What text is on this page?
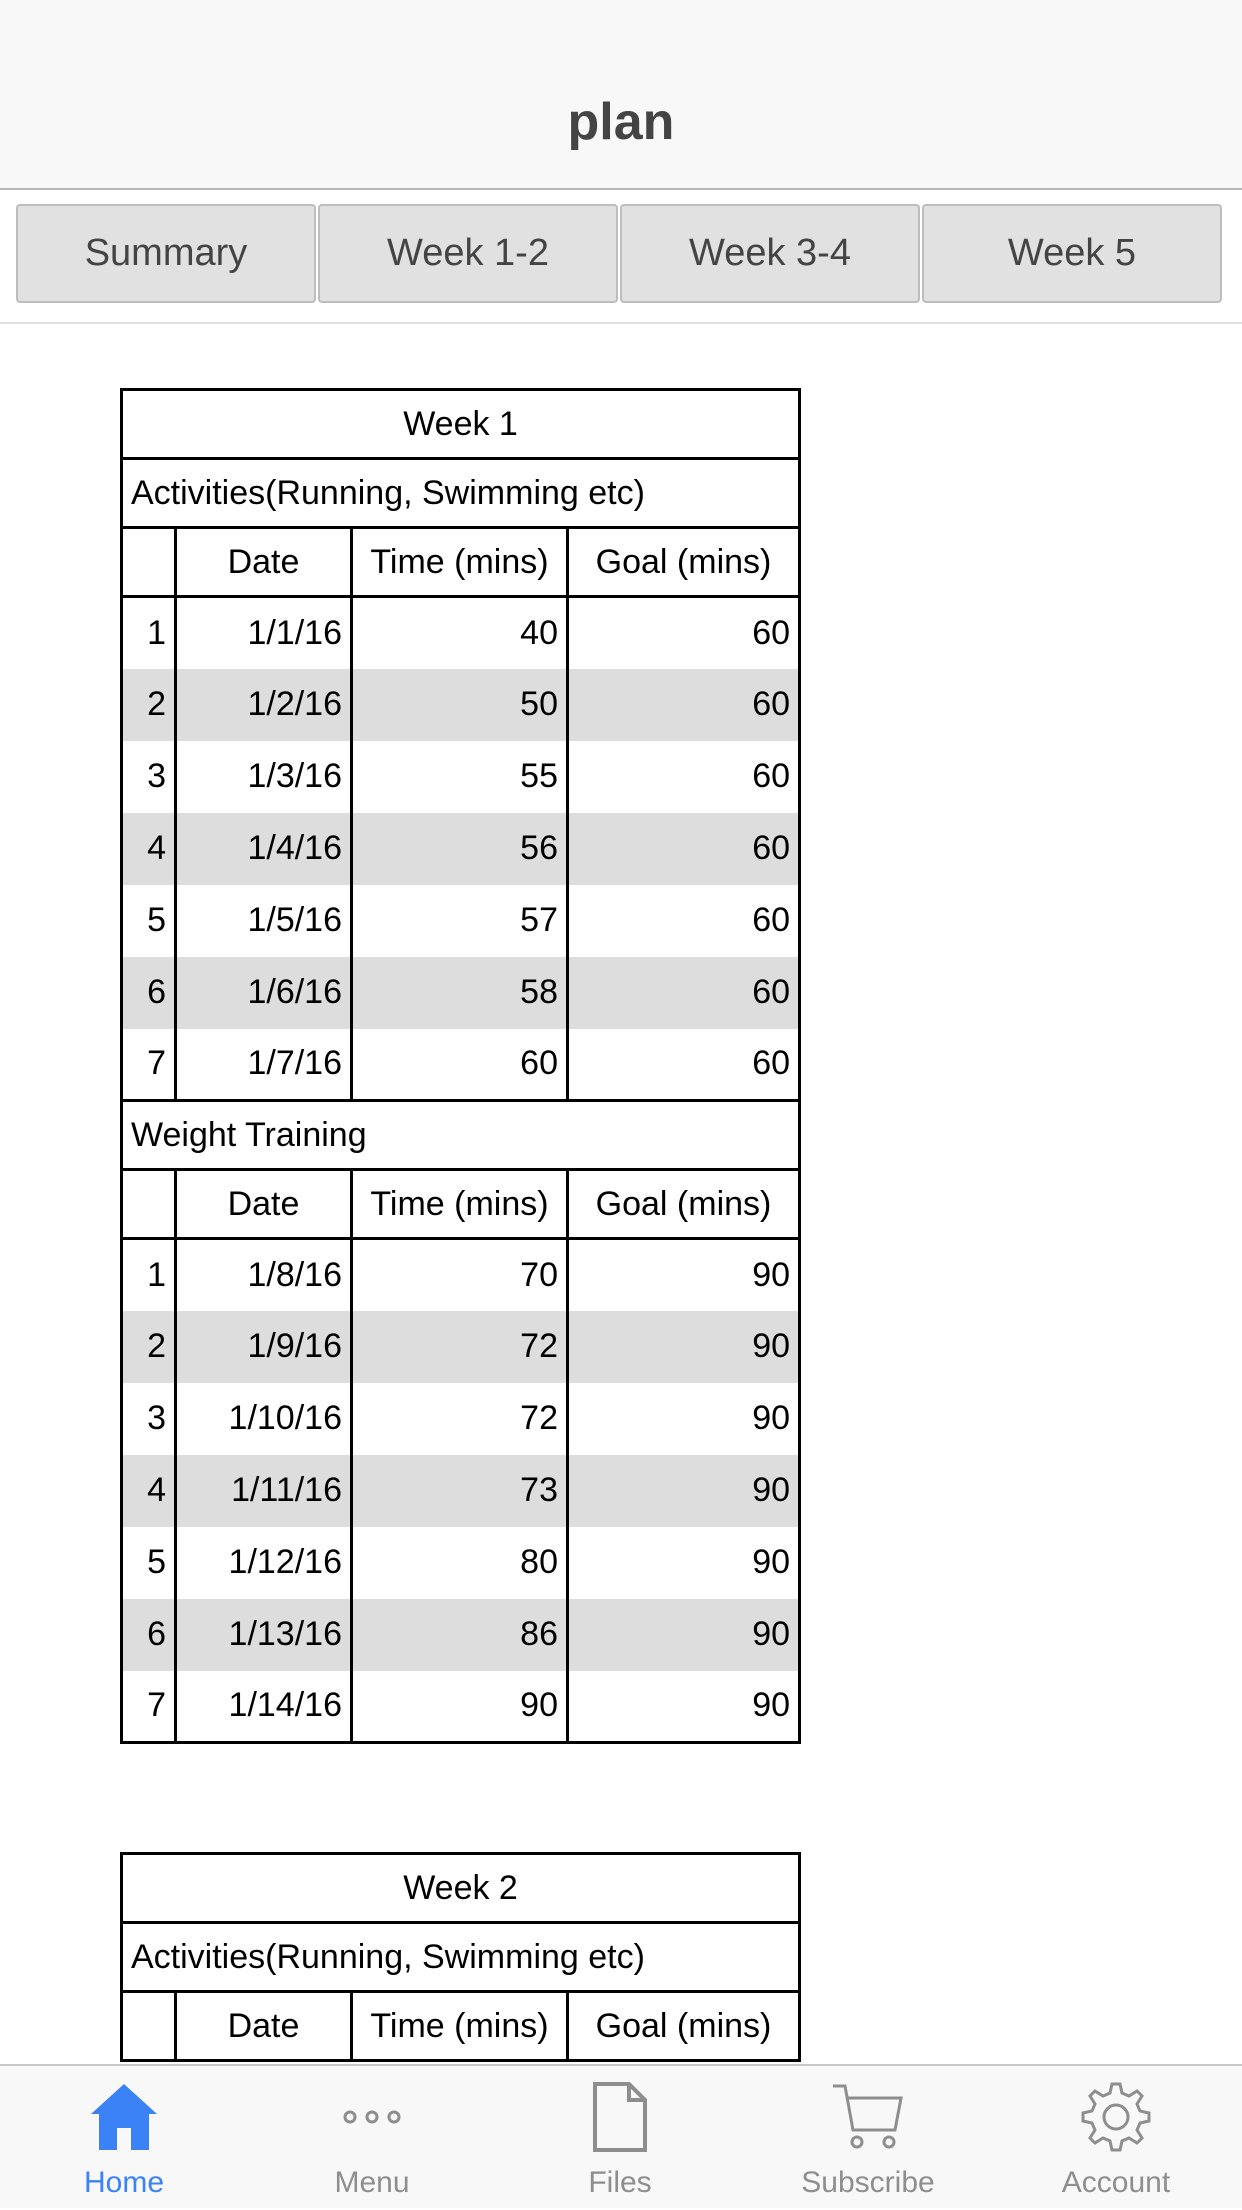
plan
Summary	Week 1-2	Week 3-4	Week 5
Week 1			
Activities(Running, Swimming etc)			
	Date	Time (mins)	Goal (mins)
1	1/1/16	40	60
2	1/2/16	50	60
3	1/3/16	55	60
4	1/4/16	56	60
5	1/5/16	57	60
6	1/6/16	58	60
7	1/7/16	60	60
Weight Training			
	Date	Time (mins)	Goal (mins)
1	1/8/16	70	90
2	1/9/16	72	90
3	1/10/16	72	90
4	1/11/16	73	90
5	1/12/16	80	90
6	1/13/16	86	90
7	1/14/16	90	90
Week 2
Activities(Running, Swimming etc)
	Date	Time (mins)	Goal (mins)
Home	Menu	Files	Subscribe	Account
